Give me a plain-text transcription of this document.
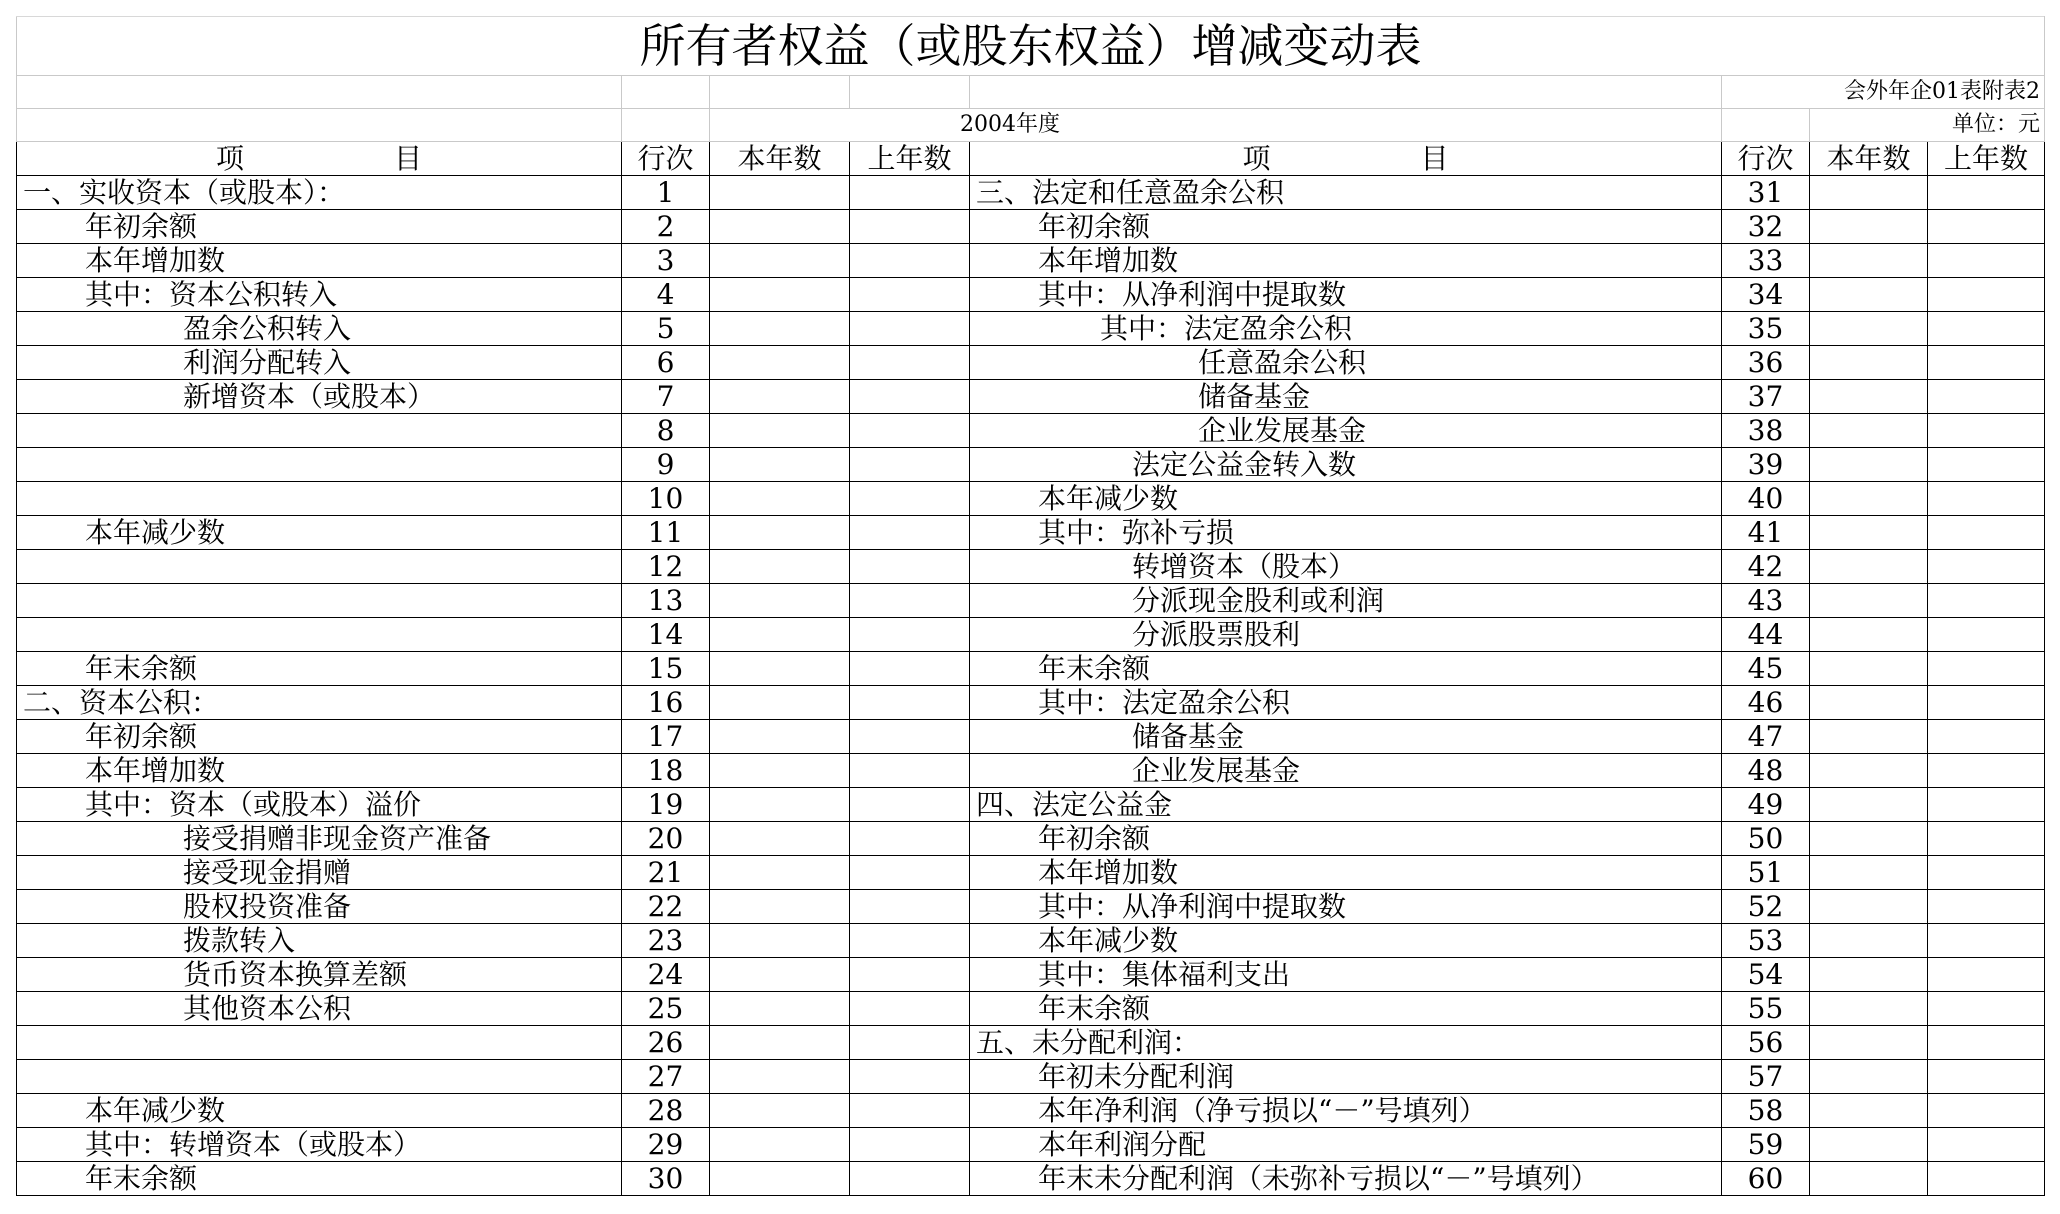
所有者权益（或股东权益）增减变动表							
					会外年企01表附表2		
		2004年度				单位：元	
项 目	行次	本年数	上年数	项 目	行次	本年数	上年数
一、实收资本（或股本）：	1			三、法定和任意盈余公积	31		
年初余额	2			年初余额	32		
本年增加数	3			本年增加数	33		
其中：资本公积转入	4			其中：从净利润中提取数	34		
盈余公积转入	5			其中：法定盈余公积	35		
利润分配转入	6			任意盈余公积	36		
新增资本（或股本）	7			储备基金	37		
	8			企业发展基金	38		
	9			法定公益金转入数	39		
	10			本年减少数	40		
本年减少数	11			其中：弥补亏损	41		
	12			转增资本（股本）	42		
	13			分派现金股利或利润	43		
	14			分派股票股利	44		
年末余额	15			年末余额	45		
二、资本公积：	16			其中：法定盈余公积	46		
年初余额	17			储备基金	47		
本年增加数	18			企业发展基金	48		
其中：资本（或股本）溢价	19			四、法定公益金	49		
接受捐赠非现金资产准备	20			年初余额	50		
接受现金捐赠	21			本年增加数	51		
股权投资准备	22			其中：从净利润中提取数	52		
拨款转入	23			本年减少数	53		
货币资本换算差额	24			其中：集体福利支出	54		
其他资本公积	25			年末余额	55		
	26			五、未分配利润：	56		
	27			年初未分配利润	57		
本年减少数	28			本年净利润（净亏损以“－”号填列）	58		
其中：转增资本（或股本）	29			本年利润分配	59		
年末余额	30			年末未分配利润（未弥补亏损以“－”号填列）	60		
